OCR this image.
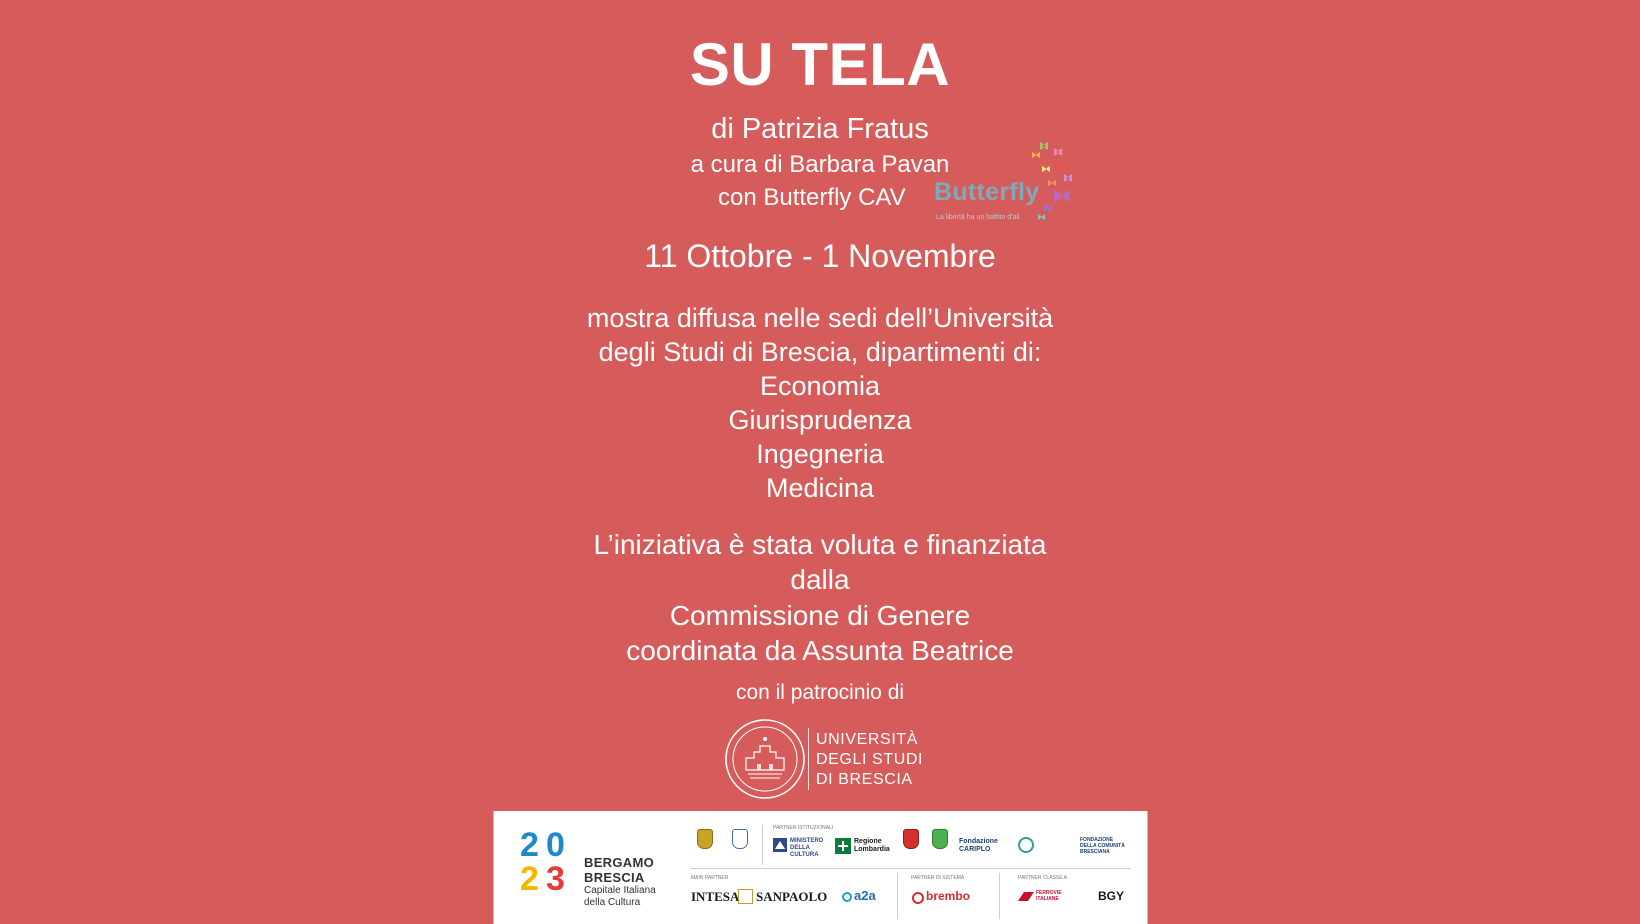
SU TELA
di Patrizia Fratus
a cura di Barbara Pavan
con Butterfly CAV Butterfly
La libertà ha un battito d'ali
11 Ottobre - 1 Novembre
mostra diffusa nelle sedi dell’Università
degli Studi di Brescia, dipartimenti di:
Economia
Giurisprudenza
Ingegneria
Medicina
L’iniziativa è stata voluta e finanziata
dalla
Commissione di Genere
coordinata da Assunta Beatrice
con il patrocinio di
UNIVERSITÀ
DEGLI STUDI
DI BRESCIA
2 0
2 3 BERGAMO
BRESCIA
Capitale Italiana
della Cultura
PARTNER ISTITUZIONALI
MINISTERO DELLA CULTURA
Regione Lombardia
Fondazione CARIPLO
FONDAZIONE DELLA COMUNITÀ BRESCIANA
MAIN PARTNER
INTESA SANPAOLO a2a
PARTNER DI SISTEMA
brembo
PARTNER CLASSE A
FERROVIE ITALIANE	BGY
